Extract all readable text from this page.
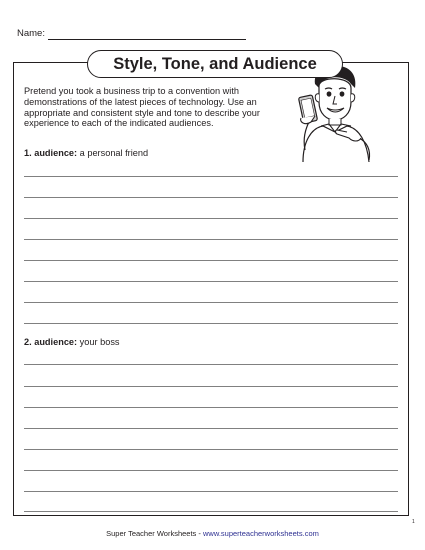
Name:
Style, Tone, and Audience
Pretend you took a business trip to a convention with demonstrations of the latest pieces of technology. Use an appropriate and consistent style and tone to describe your experience to each of the indicated audiences.
1. audience: a personal friend
2. audience: your boss
1
Super Teacher Worksheets - www.superteacherworksheets.com
